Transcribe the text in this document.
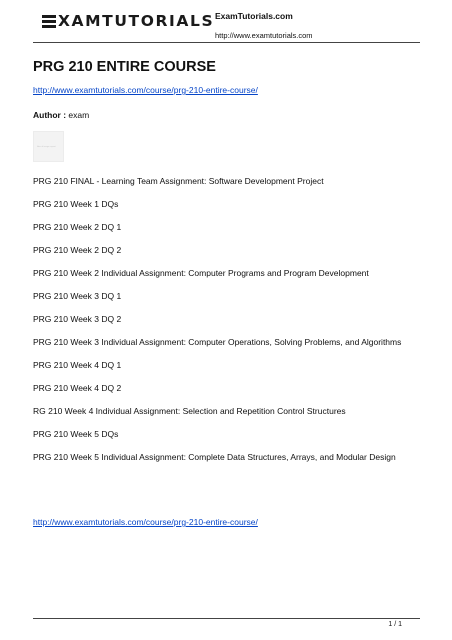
XAMTUTORIALS ExamTutorials.com
http://www.examtutorials.com
PRG 210 ENTIRE COURSE
http://www.examtutorials.com/course/prg-210-entire-course/
Author : exam
fiber of image capset
PRG 210 FINAL - Learning Team Assignment: Software Development Project
PRG 210 Week 1 DQs
PRG 210 Week 2 DQ 1
PRG 210 Week 2 DQ 2
PRG 210 Week 2 Individual Assignment: Computer Programs and Program Development
PRG 210 Week 3 DQ 1
PRG 210 Week 3 DQ 2
PRG 210 Week 3 Individual Assignment: Computer Operations, Solving Problems, and Algorithms
PRG 210 Week 4 DQ 1
PRG 210 Week 4 DQ 2
RG 210 Week 4 Individual Assignment: Selection and Repetition Control Structures
PRG 210 Week 5 DQs
PRG 210 Week 5 Individual Assignment: Complete Data Structures, Arrays, and Modular Design
http://www.examtutorials.com/course/prg-210-entire-course/
1 / 1
